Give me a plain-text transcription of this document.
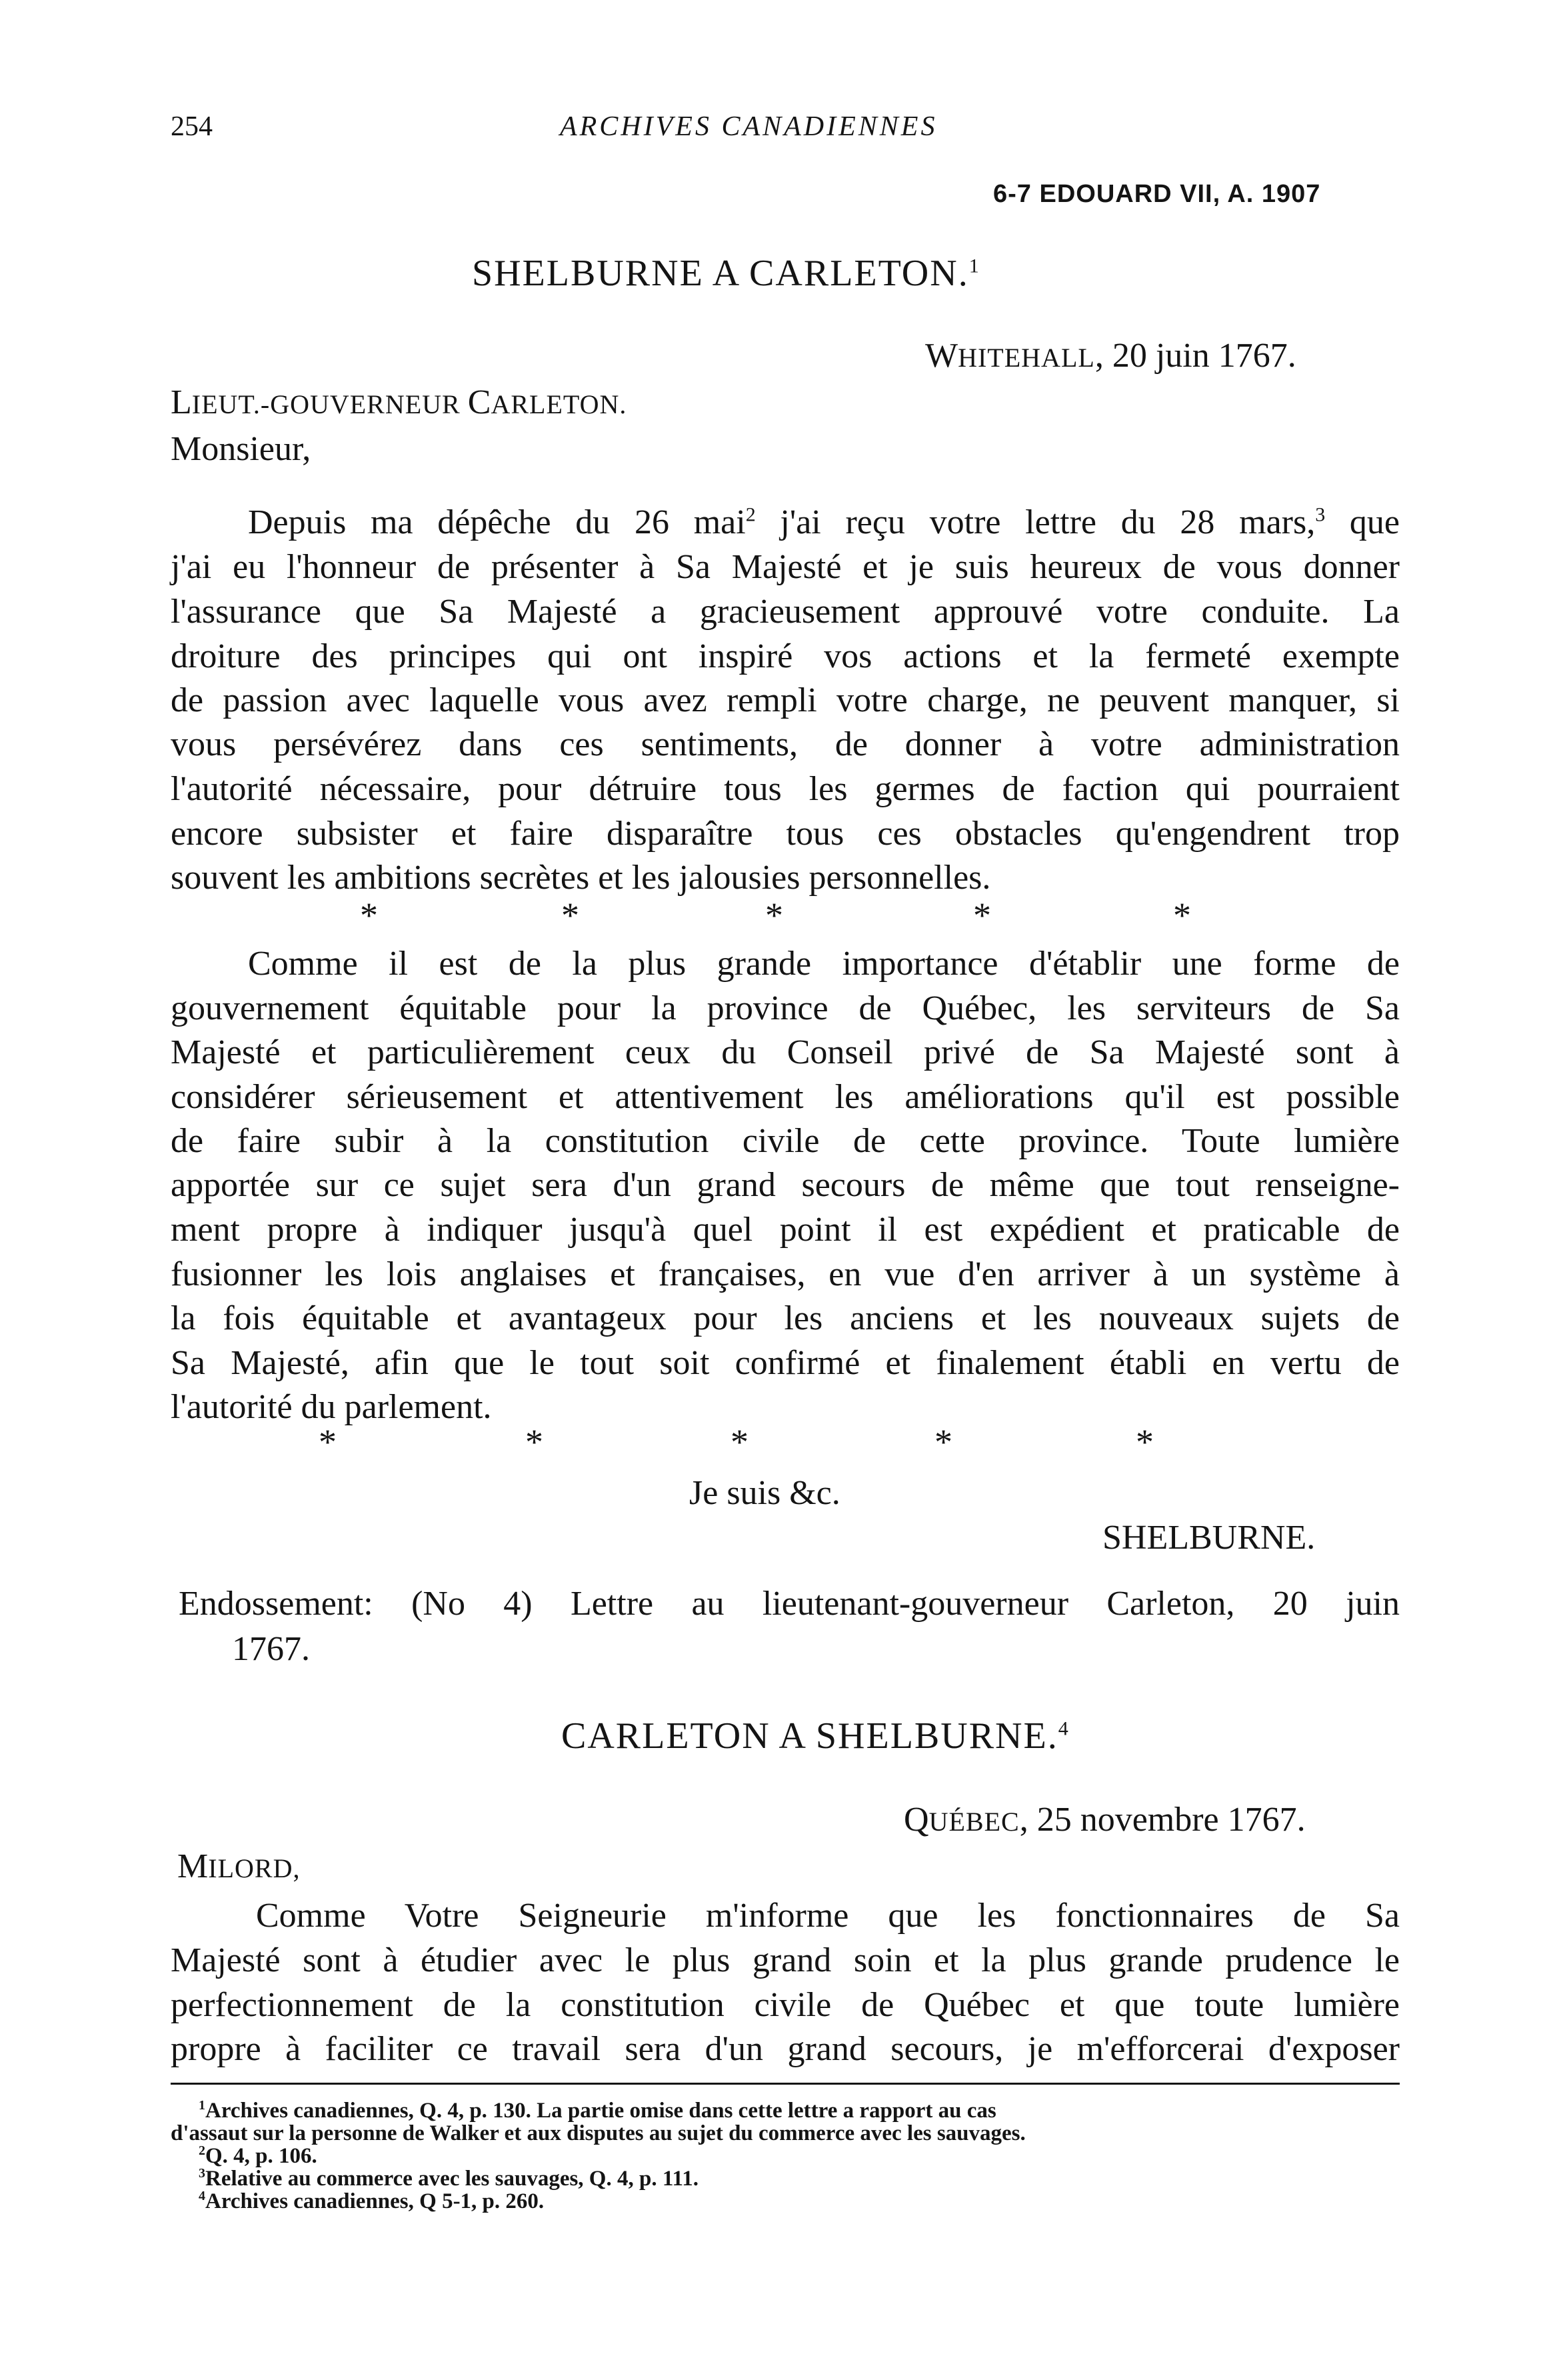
254	ARCHIVES CANADIENNES
6-7 EDOUARD VII, A. 1907
SHELBURNE A CARLETON.$^1$
WHITEHALL, 20 juin 1767.
LIEUT.-GOUVERNEUR CARLETON.
Monsieur,
Depuis ma dépêche du 26 mai$^2$ j'ai reçu votre lettre du 28 mars,$^3$ que
j'ai eu l'honneur de présenter à Sa Majesté et je suis heureux de vous donner
l'assurance que Sa Majesté a gracieusement approuvé votre conduite. La
droiture des principes qui ont inspiré vos actions et la fermeté exempte
de passion avec laquelle vous avez rempli votre charge, ne peuvent manquer, si
vous persévérez dans ces sentiments, de donner à votre administration
l'autorité nécessaire, pour détruire tous les germes de faction qui pourraient
encore subsister et faire disparaître tous ces obstacles qu'engendrent trop
souvent les ambitions secrètes et les jalousies personnelles.
*	*	*	*	*
Comme il est de la plus grande importance d'établir une forme de
gouvernement équitable pour la province de Québec, les serviteurs de Sa
Majesté et particulièrement ceux du Conseil privé de Sa Majesté sont à
considérer sérieusement et attentivement les améliorations qu'il est possible
de faire subir à la constitution civile de cette province. Toute lumière
apportée sur ce sujet sera d'un grand secours de même que tout renseigne-
ment propre à indiquer jusqu'à quel point il est expédient et praticable de
fusionner les lois anglaises et françaises, en vue d'en arriver à un système à
la fois équitable et avantageux pour les anciens et les nouveaux sujets de
Sa Majesté, afin que le tout soit confirmé et finalement établi en vertu de
l'autorité du parlement.
*	*	*	*	*
Je suis &c.
SHELBURNE.
Endossement: (No 4) Lettre au lieutenant-gouverneur Carleton, 20 juin
1767.
CARLETON A SHELBURNE.$^4$
QUÉBEC, 25 novembre 1767.
MILORD,
Comme Votre Seigneurie m'informe que les fonctionnaires de Sa
Majesté sont à étudier avec le plus grand soin et la plus grande prudence le
perfectionnement de la constitution civile de Québec et que toute lumière
propre à faciliter ce travail sera d'un grand secours, je m'efforcerai d'exposer
$^1$Archives canadiennes, Q. 4, p. 130. La partie omise dans cette lettre a rapport au cas
d'assaut sur la personne de Walker et aux disputes au sujet du commerce avec les sauvages.
$^2$Q. 4, p. 106.
$^3$Relative au commerce avec les sauvages, Q. 4, p. 111.
$^4$Archives canadiennes, Q 5-1, p. 260.
